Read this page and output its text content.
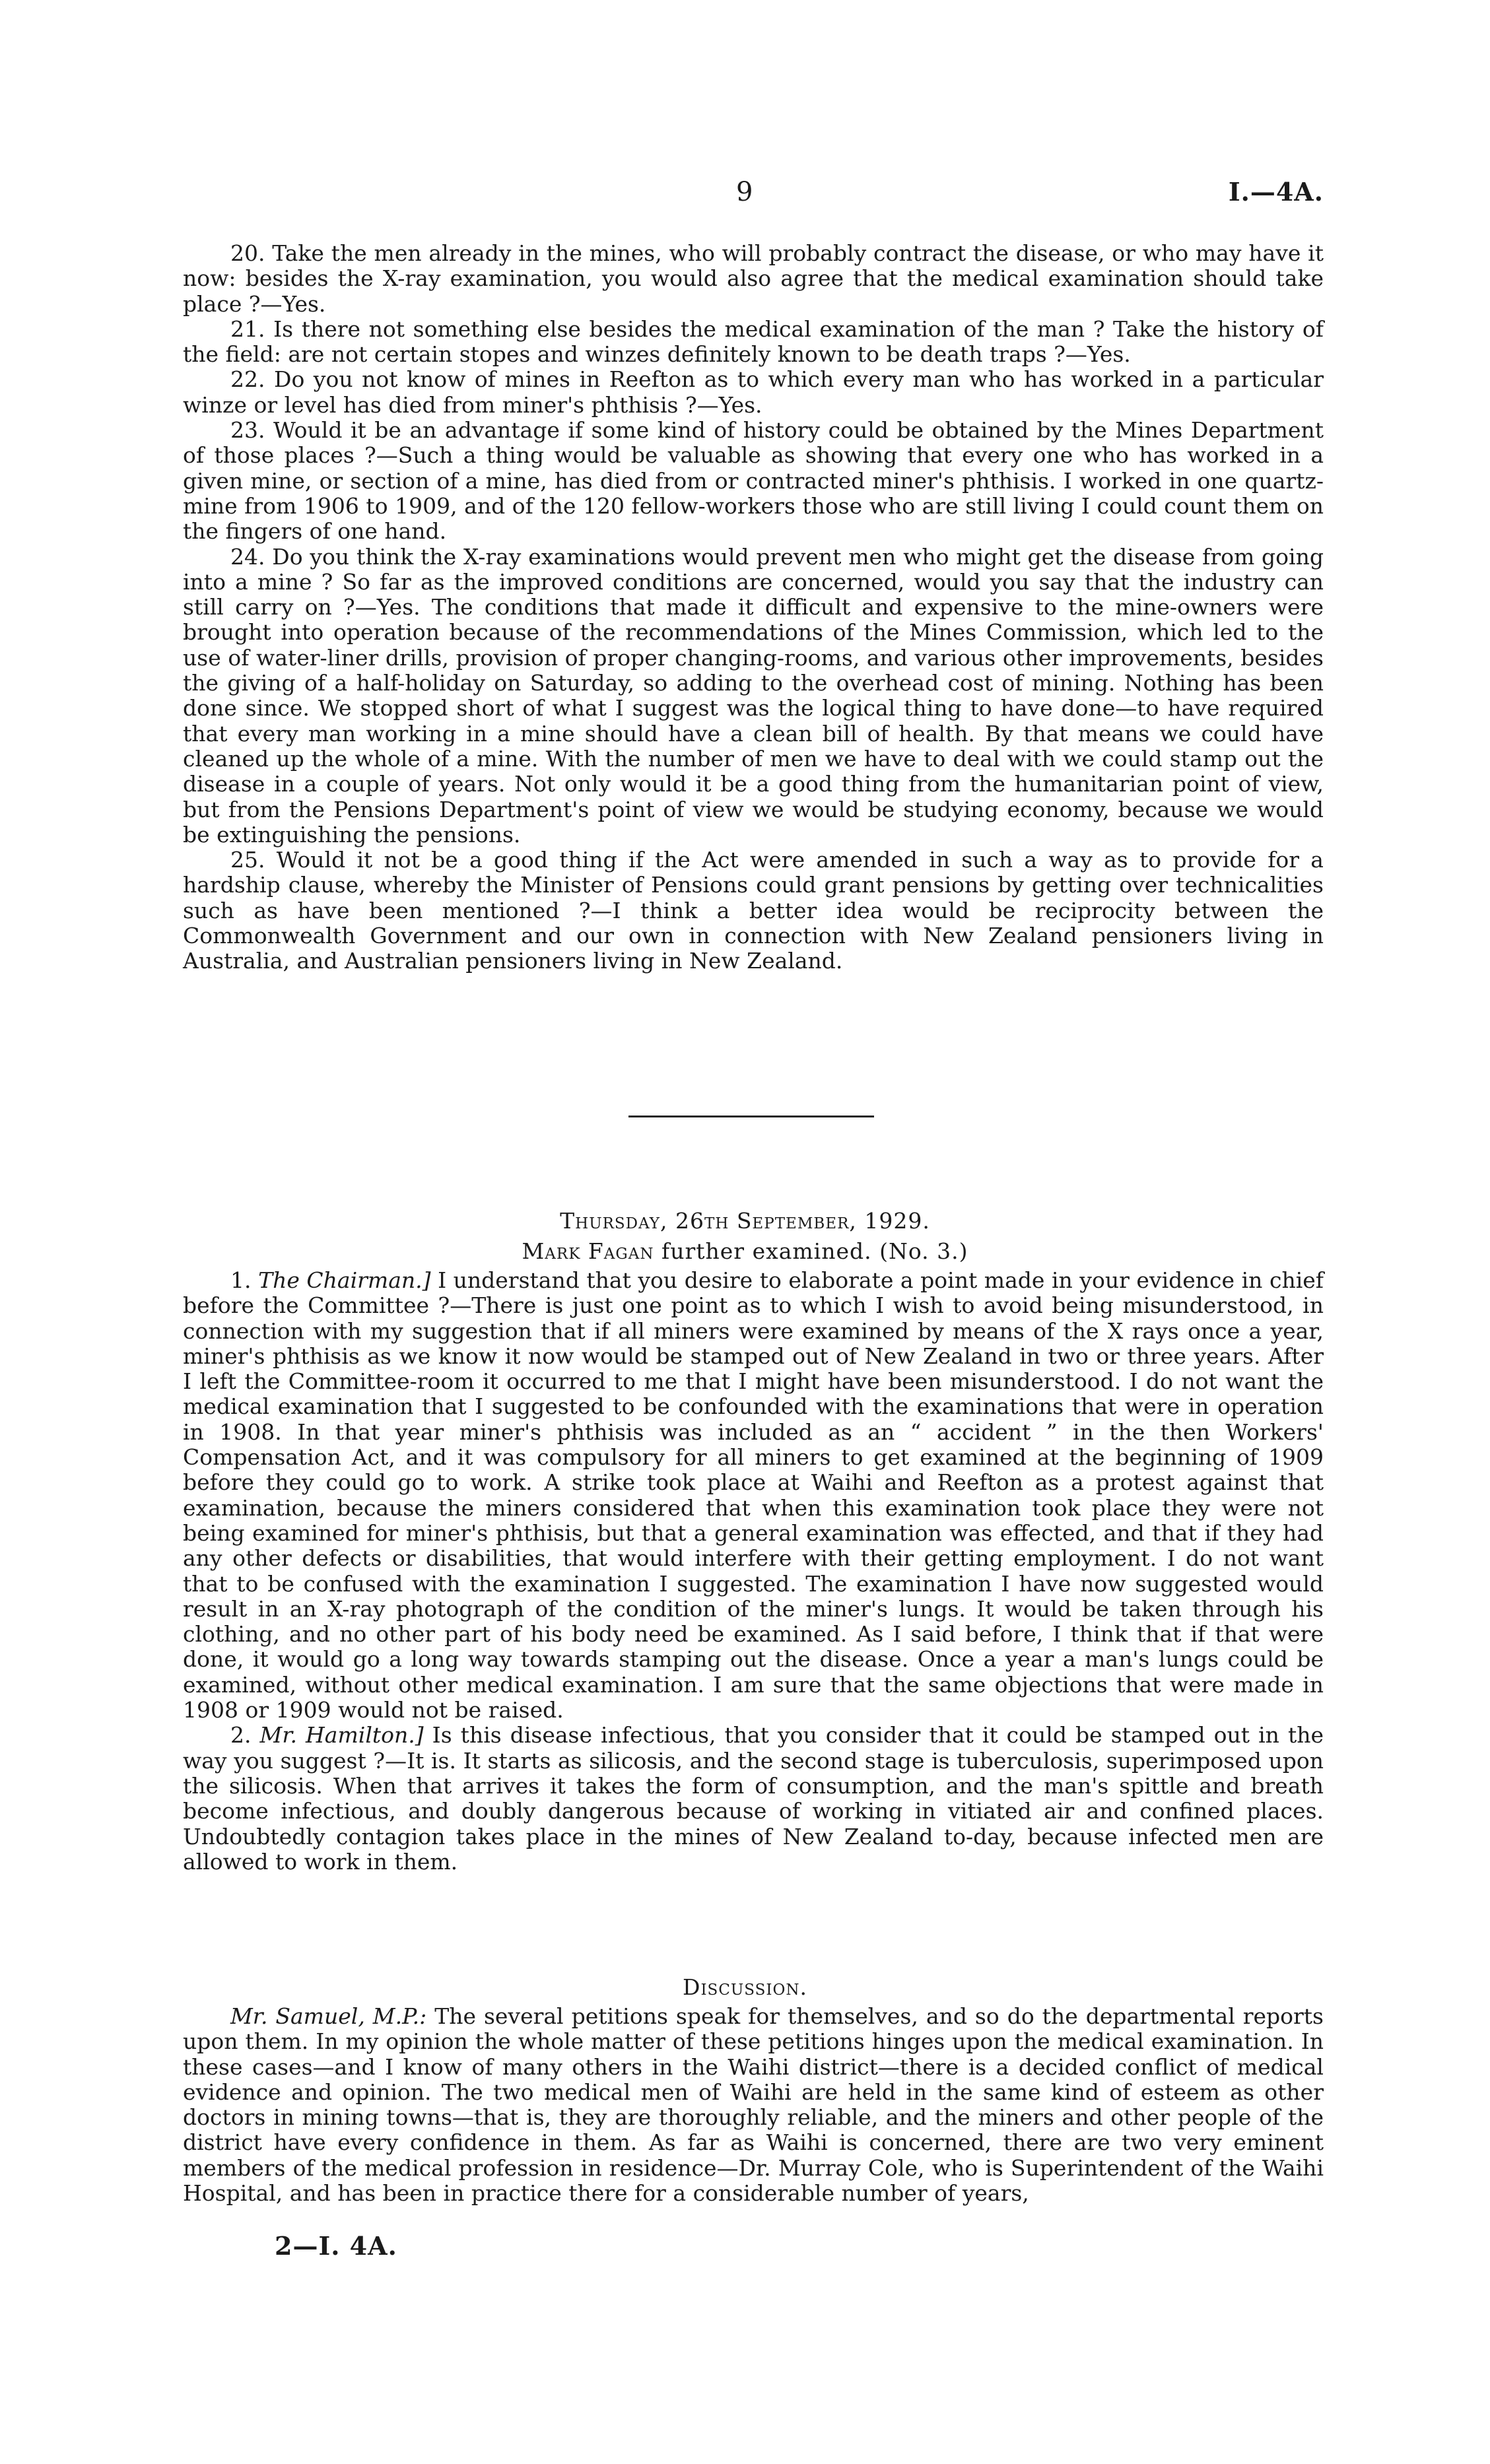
9	I.—4A.

20. Take the men already in the mines, who will probably contract the disease, or who may have it now: besides the X-ray examination, you would also agree that the medical examination should take place ?—Yes.

21. Is there not something else besides the medical examination of the man ? Take the history of the field: are not certain stopes and winzes definitely known to be death traps ?—Yes.

22. Do you not know of mines in Reefton as to which every man who has worked in a particular winze or level has died from miner's phthisis ?—Yes.

23. Would it be an advantage if some kind of history could be obtained by the Mines Department of those places ?—Such a thing would be valuable as showing that every one who has worked in a given mine, or section of a mine, has died from or contracted miner's phthisis. I worked in one quartz-mine from 1906 to 1909, and of the 120 fellow-workers those who are still living I could count them on the fingers of one hand.

24. Do you think the X-ray examinations would prevent men who might get the disease from going into a mine ? So far as the improved conditions are concerned, would you say that the industry can still carry on ?—Yes. The conditions that made it difficult and expensive to the mine-owners were brought into operation because of the recommendations of the Mines Commission, which led to the use of water-liner drills, provision of proper changing-rooms, and various other improvements, besides the giving of a half-holiday on Saturday, so adding to the overhead cost of mining. Nothing has been done since. We stopped short of what I suggest was the logical thing to have done—to have required that every man working in a mine should have a clean bill of health. By that means we could have cleaned up the whole of a mine. With the number of men we have to deal with we could stamp out the disease in a couple of years. Not only would it be a good thing from the humanitarian point of view, but from the Pensions Department's point of view we would be studying economy, because we would be extinguishing the pensions.

25. Would it not be a good thing if the Act were amended in such a way as to provide for a hardship clause, whereby the Minister of Pensions could grant pensions by getting over technicalities such as have been mentioned ?—I think a better idea would be reciprocity between the Commonwealth Government and our own in connection with New Zealand pensioners living in Australia, and Australian pensioners living in New Zealand.

Thursday, 26th September, 1929.
Mark Fagan further examined. (No. 3.)

1. The Chairman.] I understand that you desire to elaborate a point made in your evidence in chief before the Committee ?—There is just one point as to which I wish to avoid being misunderstood, in connection with my suggestion that if all miners were examined by means of the X rays once a year, miner's phthisis as we know it now would be stamped out of New Zealand in two or three years. After I left the Committee-room it occurred to me that I might have been misunderstood. I do not want the medical examination that I suggested to be confounded with the examinations that were in operation in 1908. In that year miner's phthisis was included as an “ accident ” in the then Workers' Compensation Act, and it was compulsory for all miners to get examined at the beginning of 1909 before they could go to work. A strike took place at Waihi and Reefton as a protest against that examination, because the miners considered that when this examination took place they were not being examined for miner's phthisis, but that a general examination was effected, and that if they had any other defects or disabilities, that would interfere with their getting employment. I do not want that to be confused with the examination I suggested. The examination I have now suggested would result in an X-ray photograph of the condition of the miner's lungs. It would be taken through his clothing, and no other part of his body need be examined. As I said before, I think that if that were done, it would go a long way towards stamping out the disease. Once a year a man's lungs could be examined, without other medical examination. I am sure that the same objections that were made in 1908 or 1909 would not be raised.

2. Mr. Hamilton.] Is this disease infectious, that you consider that it could be stamped out in the way you suggest ?—It is. It starts as silicosis, and the second stage is tuberculosis, superimposed upon the silicosis. When that arrives it takes the form of consumption, and the man's spittle and breath become infectious, and doubly dangerous because of working in vitiated air and confined places. Undoubtedly contagion takes place in the mines of New Zealand to-day, because infected men are allowed to work in them.

Discussion.

Mr. Samuel, M.P.: The several petitions speak for themselves, and so do the departmental reports upon them. In my opinion the whole matter of these petitions hinges upon the medical examination. In these cases—and I know of many others in the Waihi district—there is a decided conflict of medical evidence and opinion. The two medical men of Waihi are held in the same kind of esteem as other doctors in mining towns—that is, they are thoroughly reliable, and the miners and other people of the district have every confidence in them. As far as Waihi is concerned, there are two very eminent members of the medical profession in residence—Dr. Murray Cole, who is Superintendent of the Waihi Hospital, and has been in practice there for a considerable number of years,

2—I. 4A.
